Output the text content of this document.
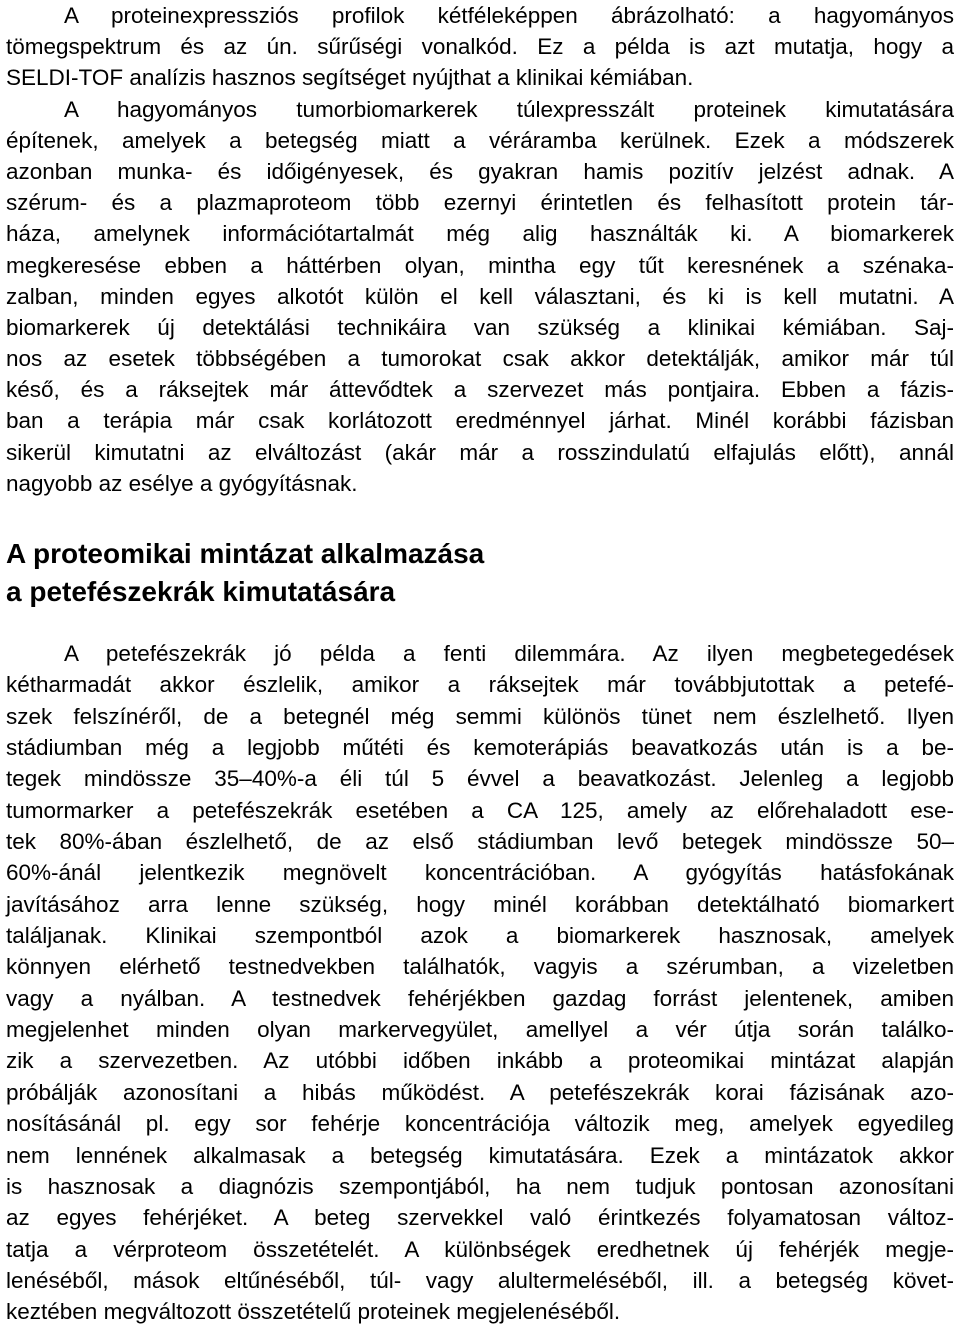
A proteinexpressziós profilok kétféleképpen ábrázolható: a hagyományos
tömegspektrum és az ún. sűrűségi vonalkód. Ez a példa is azt mutatja, hogy a
SELDI-TOF analízis hasznos segítséget nyújthat a klinikai kémiában.
A hagyományos tumorbiomarkerek túlexpresszált proteinek kimutatására
építenek, amelyek a betegség miatt a véráramba kerülnek. Ezek a módszerek
azonban munka- és időigényesek, és gyakran hamis pozitív jelzést adnak. A
szérum- és a plazmaproteom több ezernyi érintetlen és felhasított protein tár-
háza, amelynek információtartalmát még alig használták ki. A biomarkerek
megkeresése ebben a háttérben olyan, mintha egy tűt keresnének a szénaka-
zalban, minden egyes alkotót külön el kell választani, és ki is kell mutatni. A
biomarkerek új detektálási technikáira van szükség a klinikai kémiában. Saj-
nos az esetek többségében a tumorokat csak akkor detektálják, amikor már túl
késő, és a ráksejtek már áttevődtek a szervezet más pontjaira. Ebben a fázis-
ban a terápia már csak korlátozott eredménnyel járhat. Minél korábbi fázisban
sikerül kimutatni az elváltozást (akár már a rosszindulatú elfajulás előtt), annál
nagyobb az esélye a gyógyításnak.
A proteomikai mintázat alkalmazása
a petefészekrák kimutatására
A petefészekrák jó példa a fenti dilemmára. Az ilyen megbetegedések
kétharmadát akkor észlelik, amikor a ráksejtek már továbbjutottak a petefé-
szek felszínéről, de a betegnél még semmi különös tünet nem észlelhető. Ilyen
stádiumban még a legjobb műtéti és kemoterápiás beavatkozás után is a be-
tegek mindössze 35–40%-a éli túl 5 évvel a beavatkozást. Jelenleg a legjobb
tumormarker a petefészekrák esetében a CA 125, amely az előrehaladott ese-
tek 80%-ában észlelhető, de az első stádiumban levő betegek mindössze 50–
60%-ánál jelentkezik megnövelt koncentrációban. A gyógyítás hatásfokának
javításához arra lenne szükség, hogy minél korábban detektálható biomarkert
találjanak. Klinikai szempontból azok a biomarkerek hasznosak, amelyek
könnyen elérhető testnedvekben találhatók, vagyis a szérumban, a vizeletben
vagy a nyálban. A testnedvek fehérjékben gazdag forrást jelentenek, amiben
megjelenhet minden olyan markervegyület, amellyel a vér útja során találko-
zik a szervezetben. Az utóbbi időben inkább a proteomikai mintázat alapján
próbálják azonosítani a hibás működést. A petefészekrák korai fázisának azo-
nosításánál pl. egy sor fehérje koncentrációja változik meg, amelyek egyedileg
nem lennének alkalmasak a betegség kimutatására. Ezek a mintázatok akkor
is hasznosak a diagnózis szempontjából, ha nem tudjuk pontosan azonosítani
az egyes fehérjéket. A beteg szervekkel való érintkezés folyamatosan változ-
tatja a vérproteom összetételét. A különbségek eredhetnek új fehérjék megje-
lenéséből, mások eltűnéséből, túl- vagy alultermeléséből, ill. a betegség követ-
keztében megváltozott összetételű proteinek megjelenéséből.
